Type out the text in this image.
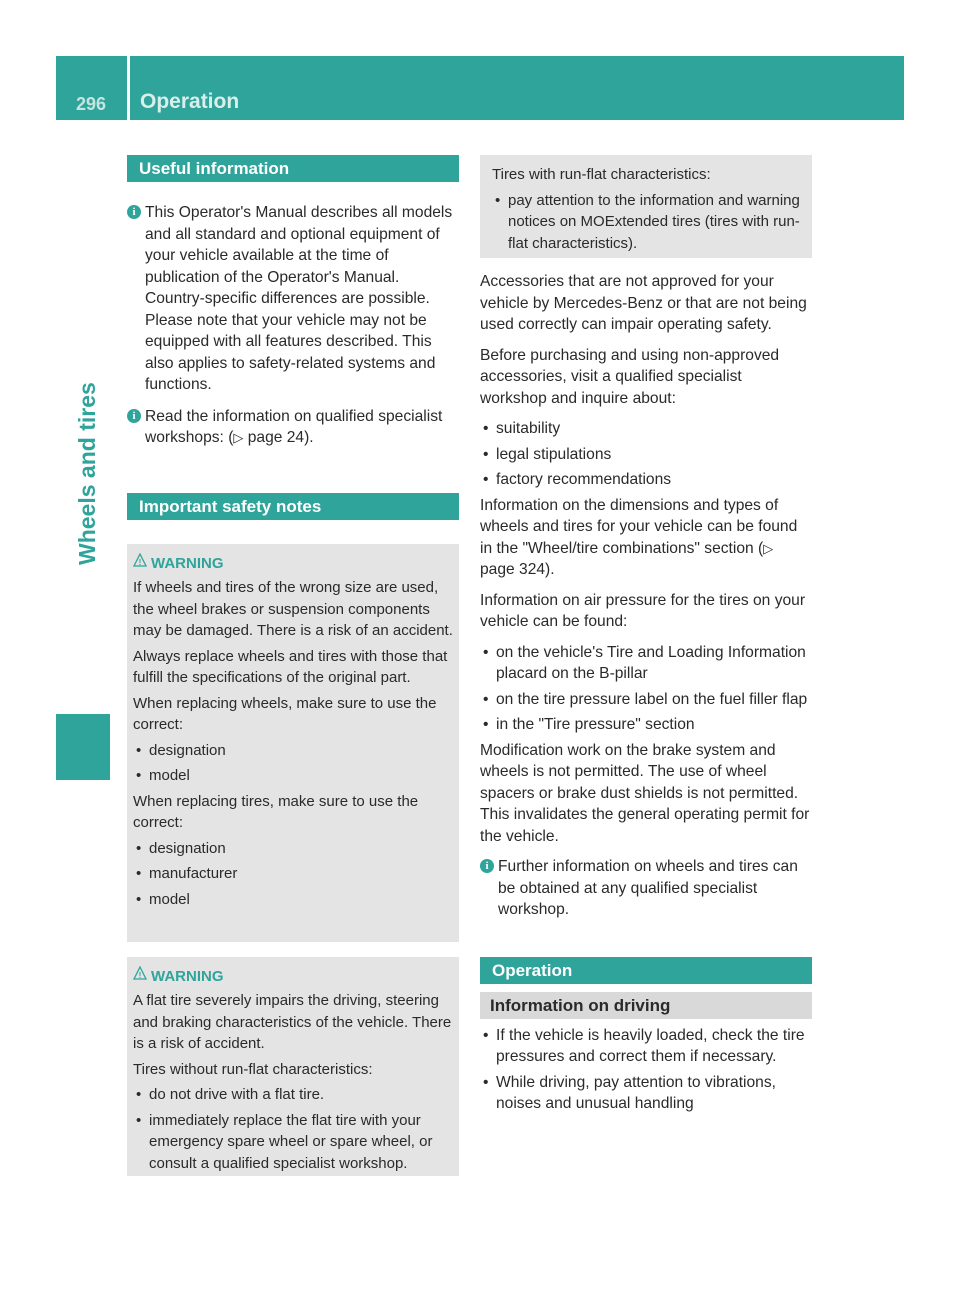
296	Operation
Wheels and tires
Useful information
i This Operator's Manual describes all models and all standard and optional equipment of your vehicle available at the time of publication of the Operator's Manual. Country-specific differences are possible. Please note that your vehicle may not be equipped with all features described. This also applies to safety-related systems and functions.
i Read the information on qualified specialist workshops: (▷ page 24).
Important safety notes
! WARNING

If wheels and tires of the wrong size are used, the wheel brakes or suspension components may be damaged. There is a risk of an accident.

Always replace wheels and tires with those that fulfill the specifications of the original part.

When replacing wheels, make sure to use the correct:

• designation
• model

When replacing tires, make sure to use the correct:

• designation
• manufacturer
• model
! WARNING

A flat tire severely impairs the driving, steering and braking characteristics of the vehicle. There is a risk of accident.

Tires without run-flat characteristics:

• do not drive with a flat tire.
• immediately replace the flat tire with your emergency spare wheel or spare wheel, or consult a qualified specialist workshop.

Tires with run-flat characteristics:

• pay attention to the information and warning notices on MOExtended tires (tires with run-flat characteristics).

Accessories that are not approved for your vehicle by Mercedes-Benz or that are not being used correctly can impair operating safety.

Before purchasing and using non-approved accessories, visit a qualified specialist workshop and inquire about:

• suitability
• legal stipulations
• factory recommendations

Information on the dimensions and types of wheels and tires for your vehicle can be found in the "Wheel/tire combinations" section (▷ page 324).

Information on air pressure for the tires on your vehicle can be found:

• on the vehicle's Tire and Loading Information placard on the B-pillar
• on the tire pressure label on the fuel filler flap
• in the "Tire pressure" section

Modification work on the brake system and wheels is not permitted. The use of wheel spacers or brake dust shields is not permitted. This invalidates the general operating permit for the vehicle.

i Further information on wheels and tires can be obtained at any qualified specialist workshop.
Operation
Information on driving
• If the vehicle is heavily loaded, check the tire pressures and correct them if necessary.
• While driving, pay attention to vibrations, noises and unusual handling
